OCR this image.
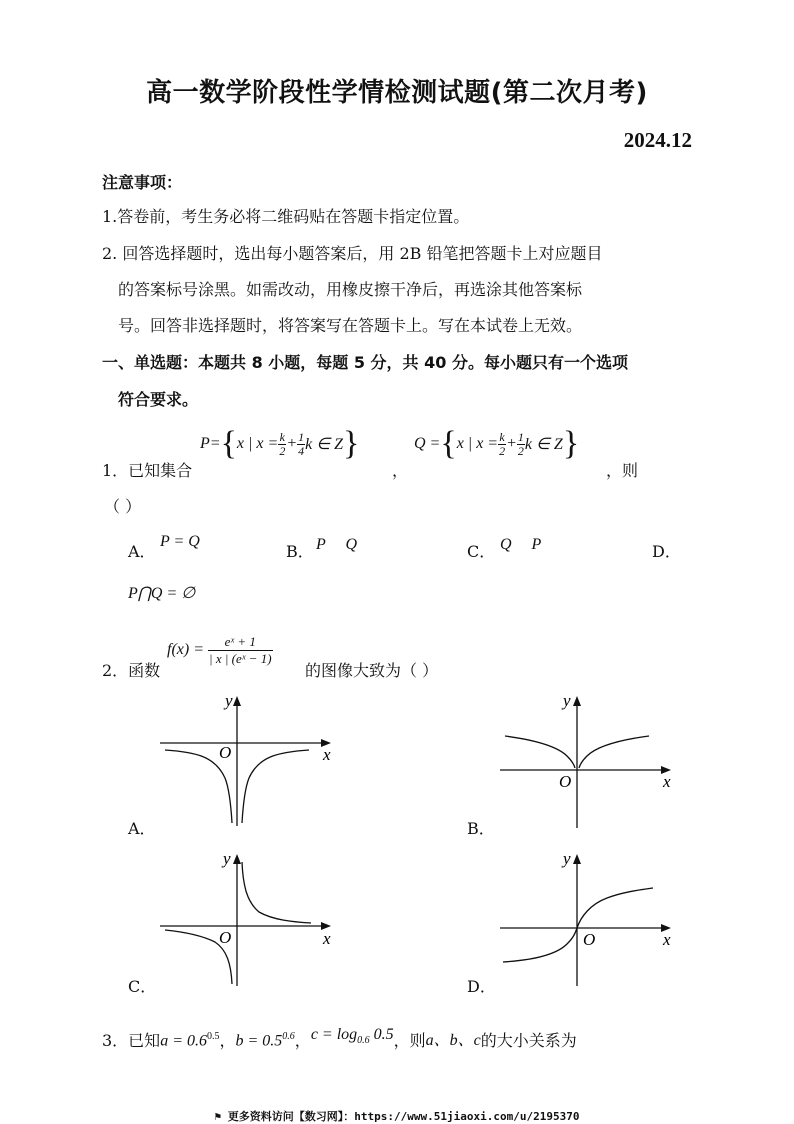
高一数学阶段性学情检测试题(第二次月考)
2024.12
注意事项：
1.答卷前，考生务必将二维码贴在答题卡指定位置。
2. 回答选择题时，选出每小题答案后，用 2B 铅笔把答题卡上对应题目
的答案标号涂黑。如需改动，用橡皮擦干净后，再选涂其他答案标
号。回答非选择题时，将答案写在答题卡上。写在本试卷上无效。
一、单选题：本题共 8 小题，每题 5 分，共 40 分。每小题只有一个选项
符合要求。
1．已知集合
P= { x | $x = \frac{k}{2} + \frac{1}{4}$ k ∈ Z }
，
Q = { x | $x = \frac{k}{2} + \frac{1}{2}$ k ∈ Z }
，则
（ ）
A．
P = Q
B． P     Q	C． Q     P	D．
P⋂Q = ∅
2．函数
$f(x) = \frac{\text{eˣ + 1}}{\text{| x | (eˣ − 1)}}$
的图像大致为（ ）
O	x
y
A．
O	x
y
B．
O	x
y
C．
O	x
y
D．
3．已知 $a = 0.6^{0.5}$ ， $b = 0.5^{0.6}$ ， $c = \log_{0.6} 0.5$ ，则 a、b、c 的大小关系为
⚑ 更多资料访问【数习网】：https://www.51jiaoxi.com/u/2195370
